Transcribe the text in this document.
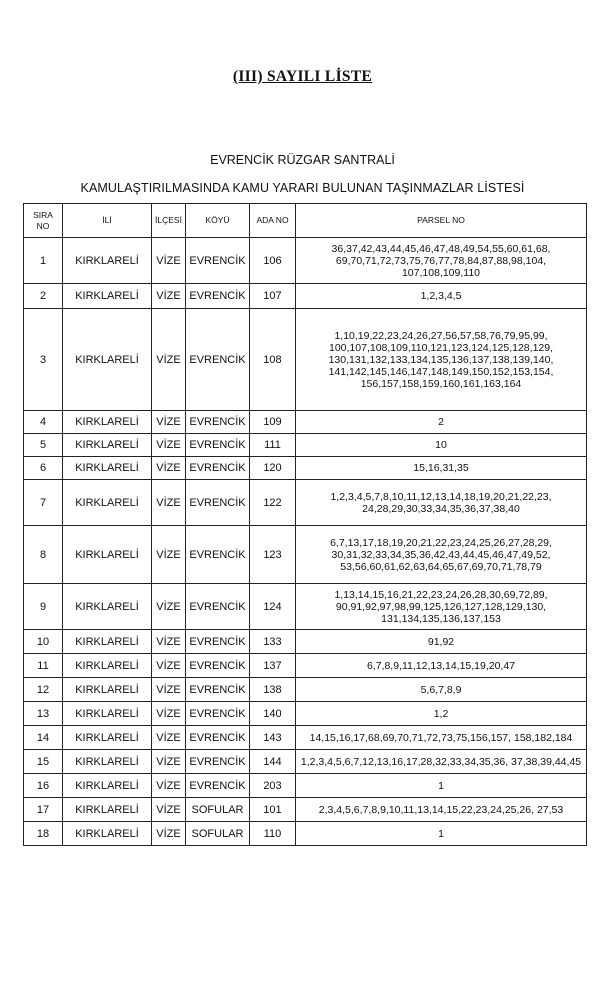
(III) SAYILI LİSTE
EVRENCİK RÜZGAR SANTRALİ
KAMULAŞTIRILMASINDA KAMU YARARI BULUNAN TAŞINMAZLAR LİSTESİ
SIRA NO	İLİ	İLÇESİ	KÖYÜ	ADA NO	PARSEL NO
1	KIRKLARELİ	VİZE	EVRENCİK	106	36,37,42,43,44,45,46,47,48,49,54,55,60,61,68, 69,70,71,72,73,75,76,77,78,84,87,88,98,104, 107,108,109,110
2	KIRKLARELİ	VİZE	EVRENCİK	107	1,2,3,4,5
3	KIRKLARELİ	VİZE	EVRENCİK	108	1,10,19,22,23,24,26,27,56,57,58,76,79,95,99, 100,107,108,109,110,121,123,124,125,128,129, 130,131,132,133,134,135,136,137,138,139,140, 141,142,145,146,147,148,149,150,152,153,154, 156,157,158,159,160,161,163,164
4	KIRKLARELİ	VİZE	EVRENCİK	109	2
5	KIRKLARELİ	VİZE	EVRENCİK	111	10
6	KIRKLARELİ	VİZE	EVRENCİK	120	15,16,31,35
7	KIRKLARELİ	VİZE	EVRENCİK	122	1,2,3,4,5,7,8,10,11,12,13,14,18,19,20,21,22,23, 24,28,29,30,33,34,35,36,37,38,40
8	KIRKLARELİ	VİZE	EVRENCİK	123	6,7,13,17,18,19,20,21,22,23,24,25,26,27,28,29, 30,31,32,33,34,35,36,42,43,44,45,46,47,49,52, 53,56,60,61,62,63,64,65,67,69,70,71,78,79
9	KIRKLARELİ	VİZE	EVRENCİK	124	1,13,14,15,16,21,22,23,24,26,28,30,69,72,89, 90,91,92,97,98,99,125,126,127,128,129,130, 131,134,135,136,137,153
10	KIRKLARELİ	VİZE	EVRENCİK	133	91,92
11	KIRKLARELİ	VİZE	EVRENCİK	137	6,7,8,9,11,12,13,14,15,19,20,47
12	KIRKLARELİ	VİZE	EVRENCİK	138	5,6,7,8,9
13	KIRKLARELİ	VİZE	EVRENCİK	140	1,2
14	KIRKLARELİ	VİZE	EVRENCİK	143	14,15,16,17,68,69,70,71,72,73,75,156,157, 158,182,184
15	KIRKLARELİ	VİZE	EVRENCİK	144	1,2,3,4,5,6,7,12,13,16,17,28,32,33,34,35,36, 37,38,39,44,45
16	KIRKLARELİ	VİZE	EVRENCİK	203	1
17	KIRKLARELİ	VİZE	SOFULAR	101	2,3,4,5,6,7,8,9,10,11,13,14,15,22,23,24,25,26, 27,53
18	KIRKLARELİ	VİZE	SOFULAR	110	1
